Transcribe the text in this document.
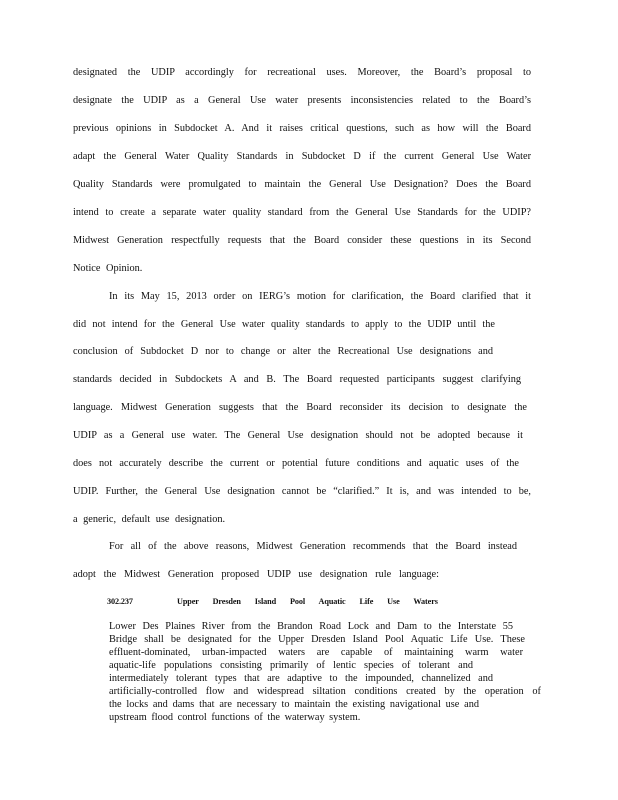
designated the UDIP accordingly for recreational uses. Moreover, the Board’s proposal to
designate the UDIP as a General Use water presents inconsistencies related to the Board’s
previous opinions in Subdocket A. And it raises critical questions, such as how will the Board
adapt the General Water Quality Standards in Subdocket D if the current General Use Water
Quality Standards were promulgated to maintain the General Use Designation? Does the Board
intend to create a separate water quality standard from the General Use Standards for the UDIP?
Midwest Generation respectfully requests that the Board consider these questions in its Second
Notice Opinion.
In its May 15, 2013 order on IERG’s motion for clarification, the Board clarified that it
did not intend for the General Use water quality standards to apply to the UDIP until the
conclusion of Subdocket D nor to change or alter the Recreational Use designations and
standards decided in Subdockets A and B. The Board requested participants suggest clarifying
language. Midwest Generation suggests that the Board reconsider its decision to designate the
UDIP as a General use water. The General Use designation should not be adopted because it
does not accurately describe the current or potential future conditions and aquatic uses of the
UDIP. Further, the General Use designation cannot be “clarified.” It is, and was intended to be,
a generic, default use designation.
For all of the above reasons, Midwest Generation recommends that the Board instead
adopt the Midwest Generation proposed UDIP use designation rule language:
302.237	Upper Dresden Island Pool Aquatic Life Use Waters
Lower Des Plaines River from the Brandon Road Lock and Dam to the Interstate 55
Bridge shall be designated for the Upper Dresden Island Pool Aquatic Life Use. These
effluent-dominated, urban-impacted waters are capable of maintaining warm water
aquatic-life populations consisting primarily of lentic species of tolerant and
intermediately tolerant types that are adaptive to the impounded, channelized and
artificially-controlled flow and widespread siltation conditions created by the operation of
the locks and dams that are necessary to maintain the existing navigational use and
upstream flood control functions of the waterway system.
